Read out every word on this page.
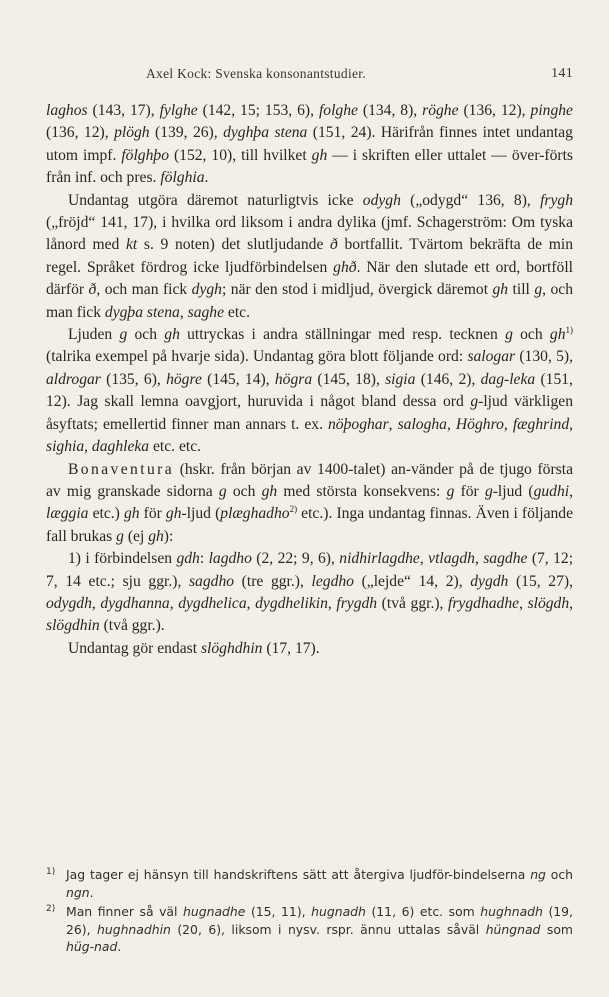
Axel Kock: Svenska konsonantstudier.	141

laghos (143, 17), fylghe (142, 15; 153, 6), folghe (134, 8), röghe (136, 12), pinghe (136, 12), plögh (139, 26), dyghþa stena (151, 24). Härifrån finnes intet undantag utom impf. fölghþo (152, 10), till hvilket gh — i skriften eller uttalet — över-förts från inf. och pres. fölghia.

Undantag utgöra däremot naturligtvis icke odygh („odygd“ 136, 8), frygh („fröjd“ 141, 17), i hvilka ord liksom i andra dylika (jmf. Schagerström: Om tyska lånord med kt s. 9 noten) det slutljudande ð bortfallit. Tvärtom bekräfta de min regel. Språket fördrog icke ljudförbindelsen ghð. När den slutade ett ord, bortföll därför ð, och man fick dygh; när den stod i midljud, övergick däremot gh till g, och man fick dygþa stena, saghe etc.

Ljuden g och gh uttryckas i andra ställningar med resp. tecknen g och $gh^{1)}$ (talrika exempel på hvarje sida). Undantag göra blott följande ord: salogar (130, 5), aldrogar (135, 6), högre (145, 14), högra (145, 18), sigia (146, 2), dag-leka (151, 12). Jag skall lemna oavgjort, huruvida i något bland dessa ord g-ljud värkligen åsyftats; emellertid finner man annars t. ex. nöþoghar, salogha, Höghro, fæghrind, sighia, daghleka etc. etc.

Bonaventura (hskr. från början av 1400-talet) an-vänder på de tjugo första av mig granskade sidorna g och gh med största konsekvens: g för g-ljud (gudhi, læggia etc.) gh för gh-ljud (plæghadho$^{2)}$ etc.). Inga undantag finnas. Även i följande fall brukas g (ej gh):

1) i förbindelsen gdh: lagdho (2, 22; 9, 6), nidhirlagdhe, vtlagdh, sagdhe (7, 12; 7, 14 etc.; sju ggr.), sagdho (tre ggr.), legdho („lejde“ 14, 2), dygdh (15, 27), odygdh, dygdhanna, dygdhelica, dygdhelikin, frygdh (två ggr.), frygdhadhe, slögdh, slögdhin (två ggr.).

Undantag gör endast slöghdhin (17, 17).

$^{1)}$ Jag tager ej hänsyn till handskriftens sätt att återgiva ljudför-bindelserna ng och ngn.

$^{2)}$ Man finner så väl hugnadhe (15, 11), hugnadh (11, 6) etc. som hughnadh (19, 26), hughnadhin (20, 6), liksom i nysv. rspr. ännu uttalas såväl hüngnad som hüg-nad.
